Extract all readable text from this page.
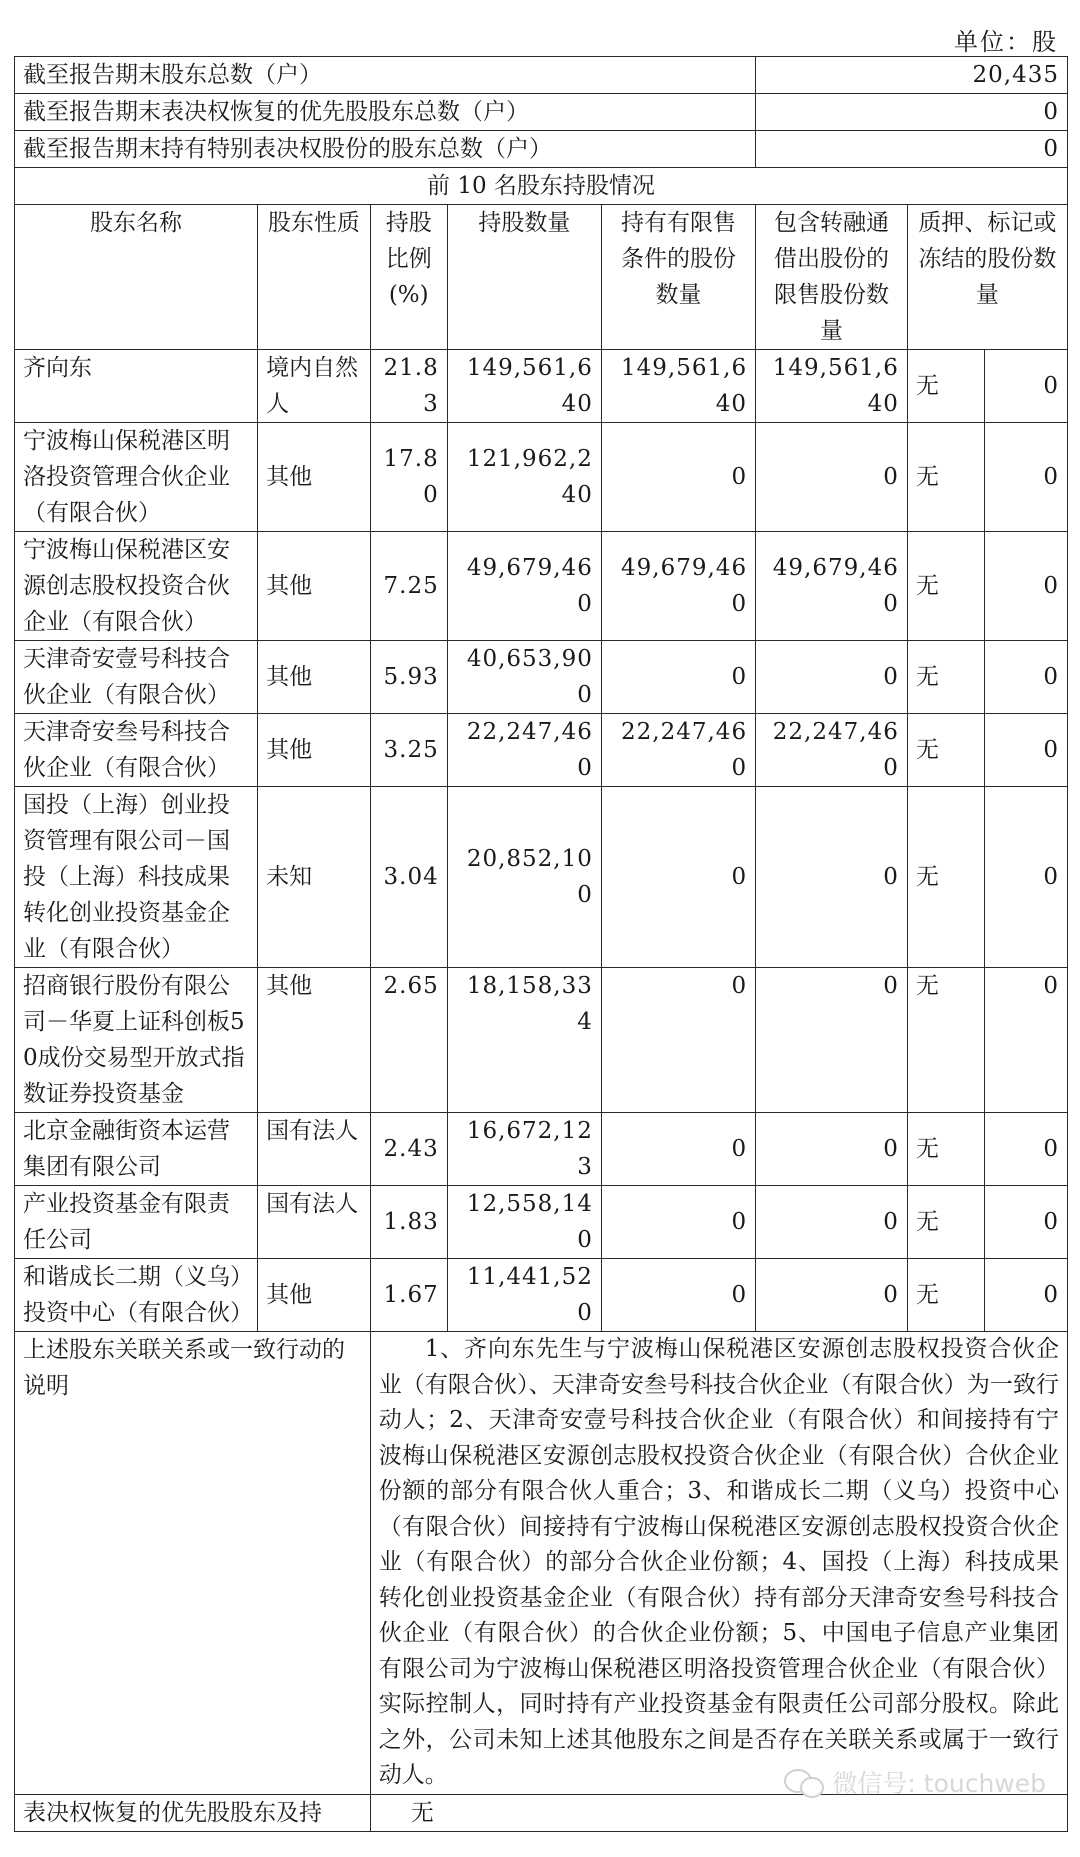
单位：股
截至报告期末股东总数（户）					20,435		
截至报告期末表决权恢复的优先股股东总数（户）					0		
截至报告期末持有特别表决权股份的股东总数（户）					0		
前 10 名股东持股情况							
股东名称	股东性质	持股比例(%)	持股数量	持有有限售条件的股份数量	包含转融通借出股份的限售股份数量	质押、标记或冻结的股份数量	
齐向东	境内自然人	21.83	149,561,640	149,561,640	149,561,640	无	0
宁波梅山保税港区明洛投资管理合伙企业（有限合伙）	其他	17.80	121,962,240	0	0	无	0
宁波梅山保税港区安源创志股权投资合伙企业（有限合伙）	其他	7.25	49,679,460	49,679,460	49,679,460	无	0
天津奇安壹号科技合伙企业（有限合伙）	其他	5.93	40,653,900	0	0	无	0
天津奇安叁号科技合伙企业（有限合伙）	其他	3.25	22,247,460	22,247,460	22,247,460	无	0
国投（上海）创业投资管理有限公司－国投（上海）科技成果转化创业投资基金企业（有限合伙）	未知	3.04	20,852,100	0	0	无	0
招商银行股份有限公司－华夏上证科创板50成份交易型开放式指数证券投资基金	其他	2.65	18,158,334	0	0	无	0
北京金融街资本运营集团有限公司	国有法人	2.43	16,672,123	0	0	无	0
产业投资基金有限责任公司	国有法人	1.83	12,558,140	0	0	无	0
和谐成长二期（义乌）投资中心（有限合伙）	其他	1.67	11,441,520	0	0	无	0
上述股东关联关系或一致行动的说明		1、齐向东先生与宁波梅山保税港区安源创志股权投资合伙企业（有限合伙）、天津奇安叁号科技合伙企业（有限合伙）为一致行动人；2、天津奇安壹号科技合伙企业（有限合伙）和间接持有宁波梅山保税港区安源创志股权投资合伙企业（有限合伙）合伙企业份额的部分有限合伙人重合；3、和谐成长二期（义乌）投资中心（有限合伙）间接持有宁波梅山保税港区安源创志股权投资合伙企业（有限合伙）的部分合伙企业份额；4、国投（上海）科技成果转化创业投资基金企业（有限合伙）持有部分天津奇安叁号科技合伙企业（有限合伙）的合伙企业份额；5、中国电子信息产业集团有限公司为宁波梅山保税港区明洛投资管理合伙企业（有限合伙）实际控制人，同时持有产业投资基金有限责任公司部分股权。除此之外，公司未知上述其他股东之间是否存在关联关系或属于一致行动人。					
表决权恢复的优先股股东及持		无					
微信号: touchweb
